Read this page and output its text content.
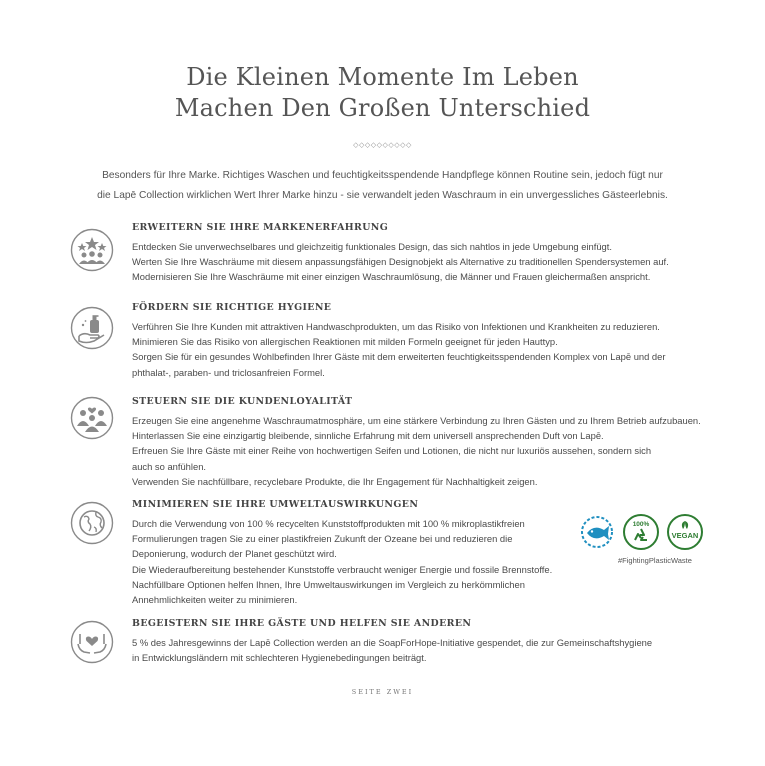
Die Kleinen Momente Im Leben
Machen Den Großen Unterschied
◇◇◇◇◇◇◇◇◇◇
Besonders für Ihre Marke. Richtiges Waschen und feuchtigkeitsspendende Handpflege können Routine sein, jedoch fügt nur
die Lapē Collection wirklichen Wert Ihrer Marke hinzu - sie verwandelt jeden Waschraum in ein unvergessliches Gästeerlebnis.
ERWEITERN SIE IHRE MARKENERFAHRUNG
Entdecken Sie unverwechselbares und gleichzeitig funktionales Design, das sich nahtlos in jede Umgebung einfügt.
Werten Sie Ihre Waschräume mit diesem anpassungsfähigen Designobjekt als Alternative zu traditionellen Spendersystemen auf.
Modernisieren Sie Ihre Waschräume mit einer einzigen Waschraumlösung, die Männer und Frauen gleichermaßen anspricht.
FÖRDERN SIE RICHTIGE HYGIENE
Verführen Sie Ihre Kunden mit attraktiven Handwaschprodukten, um das Risiko von Infektionen und Krankheiten zu reduzieren.
Minimieren Sie das Risiko von allergischen Reaktionen mit milden Formeln geeignet für jeden Hauttyp.
Sorgen Sie für ein gesundes Wohlbefinden Ihrer Gäste mit dem erweiterten feuchtigkeitsspendenden Komplex von Lapē und der
phthalat-, paraben- und triclosanfreien Formel.
STEUERN SIE DIE KUNDENLOYALITÄT
Erzeugen Sie eine angenehme Waschraumatmosphäre, um eine stärkere Verbindung zu Ihren Gästen und zu Ihrem Betrieb aufzubauen.
Hinterlassen Sie eine einzigartig bleibende, sinnliche Erfahrung mit dem universell ansprechenden Duft von Lapē.
Erfreuen Sie Ihre Gäste mit einer Reihe von hochwertigen Seifen und Lotionen, die nicht nur luxuriös aussehen, sondern sich
auch so anfühlen.
Verwenden Sie nachfüllbare, recyclebare Produkte, die Ihr Engagement für Nachhaltigkeit zeigen.
MINIMIEREN SIE IHRE UMWELTAUSWIRKUNGEN
Durch die Verwendung von 100 % recycelten Kunststoffprodukten mit 100 % mikroplastikfreien
Formulierungen tragen Sie zu einer plastikfreien Zukunft der Ozeane bei und reduzieren die
Deponierung, wodurch der Planet geschützt wird.
Die Wiederaufbereitung bestehender Kunststoffe verbraucht weniger Energie und fossile Brennstoffe.
Nachfüllbare Optionen helfen Ihnen, Ihre Umweltauswirkungen im Vergleich zu herkömmlichen
Annehmlichkeiten weiter zu minimieren.
100%
VEGAN
#FightingPlasticWaste
BEGEISTERN SIE IHRE GÄSTE UND HELFEN SIE ANDEREN
5 % des Jahresgewinns der Lapē Collection werden an die SoapForHope-Initiative gespendet, die zur Gemeinschaftshygiene
in Entwicklungsländern mit schlechteren Hygienebedingungen beiträgt.
SEITE ZWEI
